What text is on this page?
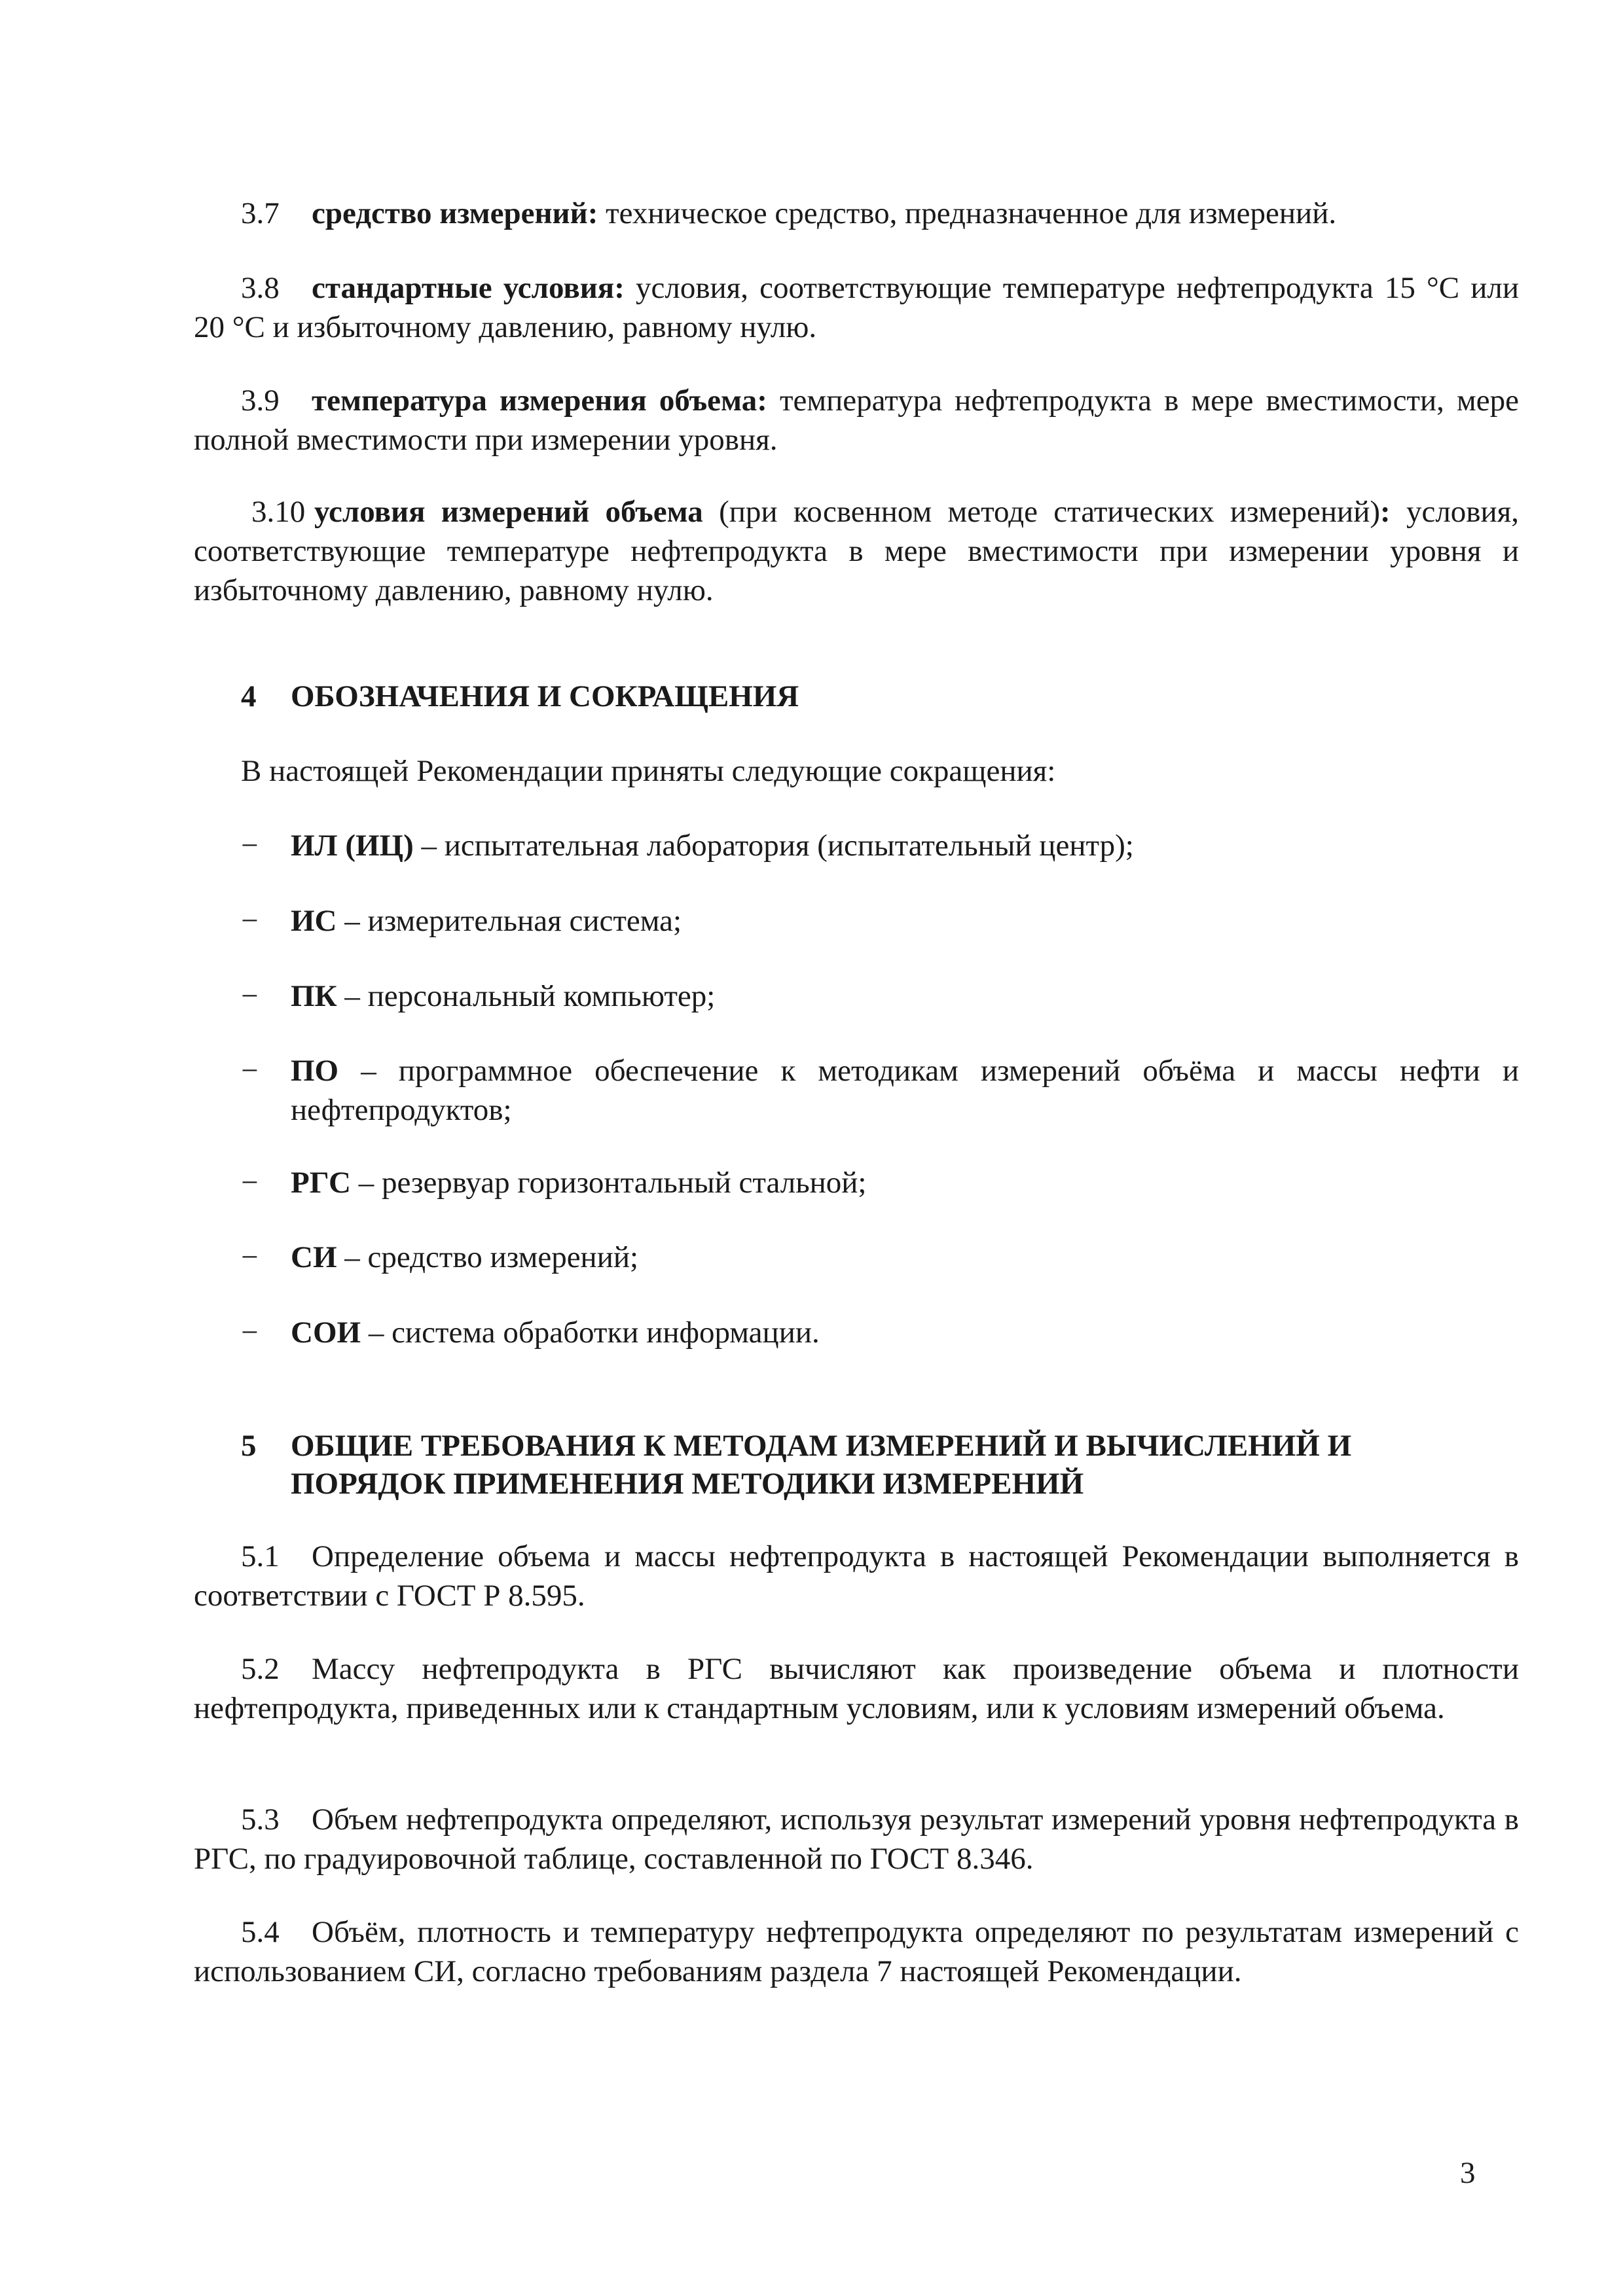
3.7 средство измерений: техническое средство, предназначенное для измерений.

3.8 стандартные условия: условия, соответствующие температуре нефтепродукта 15 °С или 20 °С и избыточному давлению, равному нулю.

3.9 температура измерения объема: температура нефтепродукта в мере вместимости, мере полной вместимости при измерении уровня.

3.10 условия измерений объема (при косвенном методе статических измерений): условия, соответствующие температуре нефтепродукта в мере вместимости при измерении уровня и избыточному давлению, равному нулю.

4 ОБОЗНАЧЕНИЯ И СОКРАЩЕНИЯ

В настоящей Рекомендации приняты следующие сокращения:

− ИЛ (ИЦ) – испытательная лаборатория (испытательный центр);
− ИС – измерительная система;
− ПК – персональный компьютер;
− ПО – программное обеспечение к методикам измерений объёма и массы нефти и нефтепродуктов;
− РГС – резервуар горизонтальный стальной;
− СИ – средство измерений;
− СОИ – система обработки информации.
5 ОБЩИЕ ТРЕБОВАНИЯ К МЕТОДАМ ИЗМЕРЕНИЙ И ВЫЧИСЛЕНИЙ И ПОРЯДОК ПРИМЕНЕНИЯ МЕТОДИКИ ИЗМЕРЕНИЙ

5.1 Определение объема и массы нефтепродукта в настоящей Рекомендации выполняется в соответствии с ГОСТ Р 8.595.

5.2 Массу нефтепродукта в РГС вычисляют как произведение объема и плотности нефтепродукта, приведенных или к стандартным условиям, или к условиям измерений объема.

5.3 Объем нефтепродукта определяют, используя результат измерений уровня нефтепродукта в РГС, по градуировочной таблице, составленной по ГОСТ 8.346.

5.4 Объём, плотность и температуру нефтепродукта определяют по результатам измерений с использованием СИ, согласно требованиям раздела 7 настоящей Рекомендации.

3
